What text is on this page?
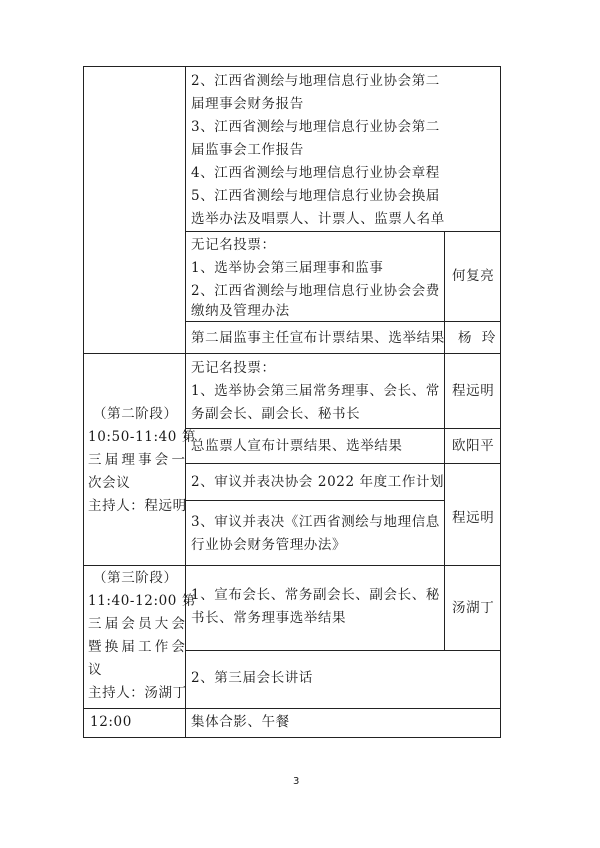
2、江西省测绘与地理信息行业协会第二
届理事会财务报告
3、江西省测绘与地理信息行业协会第二
届监事会工作报告
4、江西省测绘与地理信息行业协会章程
5、江西省测绘与地理信息行业协会换届
选举办法及唱票人、计票人、监票人名单
无记名投票：
1、选举协会第三届理事和监事
2、江西省测绘与地理信息行业协会会费
缴纳及管理办法
何复亮
第二届监事主任宣布计票结果、选举结果 杨  玲
（第二阶段）
10:50-11:40 第
三届理事会一
次会议
主持人：程远明
无记名投票：
1、选举协会第三届常务理事、会长、常
务副会长、副会长、秘书长
程远明
总监票人宣布计票结果、选举结果	欧阳平
2、审议并表决协会 2022 年度工作计划
3、审议并表决《江西省测绘与地理信息
行业协会财务管理办法》
程远明
（第三阶段）
11:40-12:00 第
三届会员大会
暨换届工作会
议
主持人：汤湖丁
1、宣布会长、常务副会长、副会长、秘
书长、常务理事选举结果
汤湖丁
2、第三届会长讲话
12:00	集体合影、午餐
3
